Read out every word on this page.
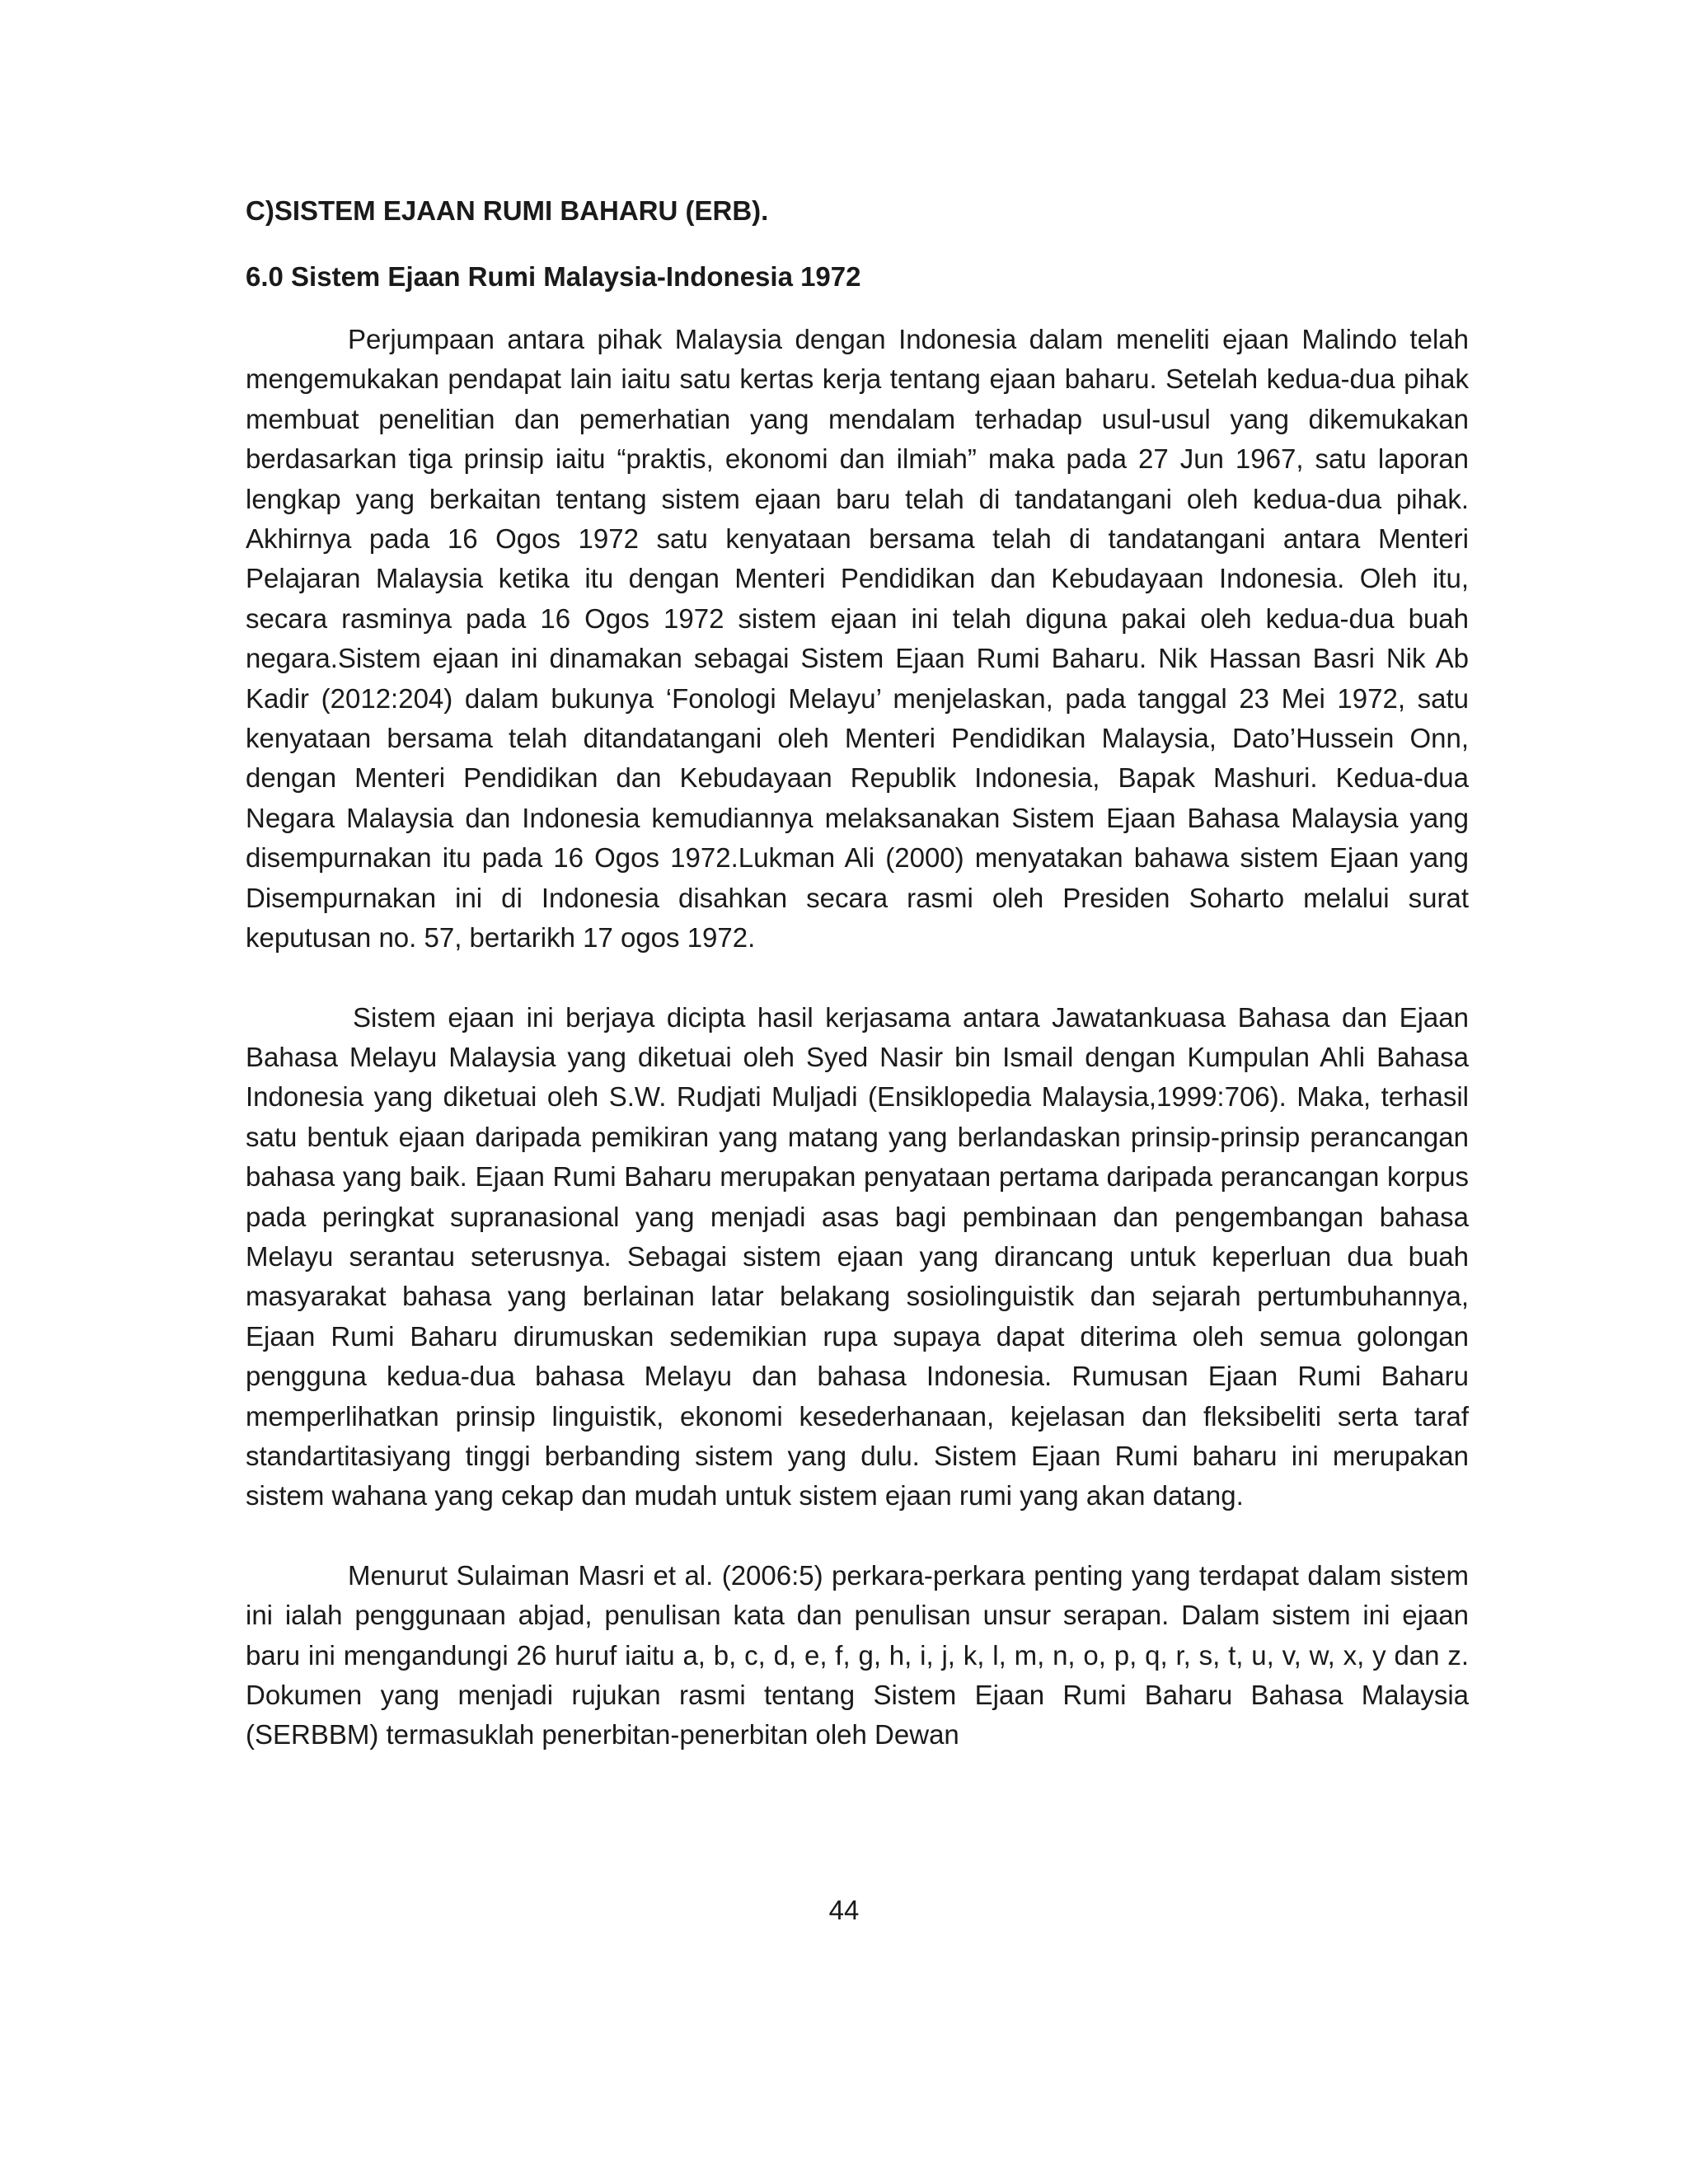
C)SISTEM EJAAN RUMI BAHARU (ERB).
6.0 Sistem Ejaan Rumi Malaysia-Indonesia 1972

Perjumpaan antara pihak Malaysia dengan Indonesia dalam meneliti ejaan Malindo telah mengemukakan pendapat lain iaitu satu kertas kerja tentang ejaan baharu. Setelah kedua-dua pihak membuat penelitian dan pemerhatian yang mendalam terhadap usul-usul yang dikemukakan berdasarkan tiga prinsip iaitu “praktis, ekonomi dan ilmiah” maka pada 27 Jun 1967, satu laporan lengkap yang berkaitan tentang sistem ejaan baru telah di tandatangani oleh kedua-dua pihak. Akhirnya pada 16 Ogos 1972 satu kenyataan bersama telah di tandatangani antara Menteri Pelajaran Malaysia ketika itu dengan Menteri Pendidikan dan Kebudayaan Indonesia. Oleh itu, secara rasminya pada 16 Ogos 1972 sistem ejaan ini telah diguna pakai oleh kedua-dua buah negara.Sistem ejaan ini dinamakan sebagai Sistem Ejaan Rumi Baharu. Nik Hassan Basri Nik Ab Kadir (2012:204) dalam bukunya ‘Fonologi Melayu’ menjelaskan, pada tanggal 23 Mei 1972, satu kenyataan bersama telah ditandatangani oleh Menteri Pendidikan Malaysia, Dato’Hussein Onn, dengan Menteri Pendidikan dan Kebudayaan Republik Indonesia, Bapak Mashuri. Kedua-dua Negara Malaysia dan Indonesia kemudiannya melaksanakan Sistem Ejaan Bahasa Malaysia yang disempurnakan itu pada 16 Ogos 1972.Lukman Ali (2000) menyatakan bahawa sistem Ejaan yang Disempurnakan ini di Indonesia disahkan secara rasmi oleh Presiden Soharto melalui surat keputusan no. 57, bertarikh 17 ogos 1972.

Sistem ejaan ini berjaya dicipta hasil kerjasama antara Jawatankuasa Bahasa dan Ejaan Bahasa Melayu Malaysia yang diketuai oleh Syed Nasir bin Ismail dengan Kumpulan Ahli Bahasa Indonesia yang diketuai oleh S.W. Rudjati Muljadi (Ensiklopedia Malaysia,1999:706). Maka, terhasil satu bentuk ejaan daripada pemikiran yang matang yang berlandaskan prinsip-prinsip perancangan bahasa yang baik. Ejaan Rumi Baharu merupakan penyataan pertama daripada perancangan korpus pada peringkat supranasional yang menjadi asas bagi pembinaan dan pengembangan bahasa Melayu serantau seterusnya. Sebagai sistem ejaan yang dirancang untuk keperluan dua buah masyarakat bahasa yang berlainan latar belakang sosiolinguistik dan sejarah pertumbuhannya, Ejaan Rumi Baharu dirumuskan sedemikian rupa supaya dapat diterima oleh semua golongan pengguna kedua-dua bahasa Melayu dan bahasa Indonesia. Rumusan Ejaan Rumi Baharu memperlihatkan prinsip linguistik, ekonomi kesederhanaan, kejelasan dan fleksibeliti serta taraf standartitasiyang tinggi berbanding sistem yang dulu. Sistem Ejaan Rumi baharu ini merupakan sistem wahana yang cekap dan mudah untuk sistem ejaan rumi yang akan datang.

Menurut Sulaiman Masri et al. (2006:5) perkara-perkara penting yang terdapat dalam sistem ini ialah penggunaan abjad, penulisan kata dan penulisan unsur serapan. Dalam sistem ini ejaan baru ini mengandungi 26 huruf iaitu a, b, c, d, e, f, g, h, i, j, k, l, m, n, o, p, q, r, s, t, u, v, w, x, y dan z. Dokumen yang menjadi rujukan rasmi tentang Sistem Ejaan Rumi Baharu Bahasa Malaysia (SERBBM) termasuklah penerbitan-penerbitan oleh Dewan

44
